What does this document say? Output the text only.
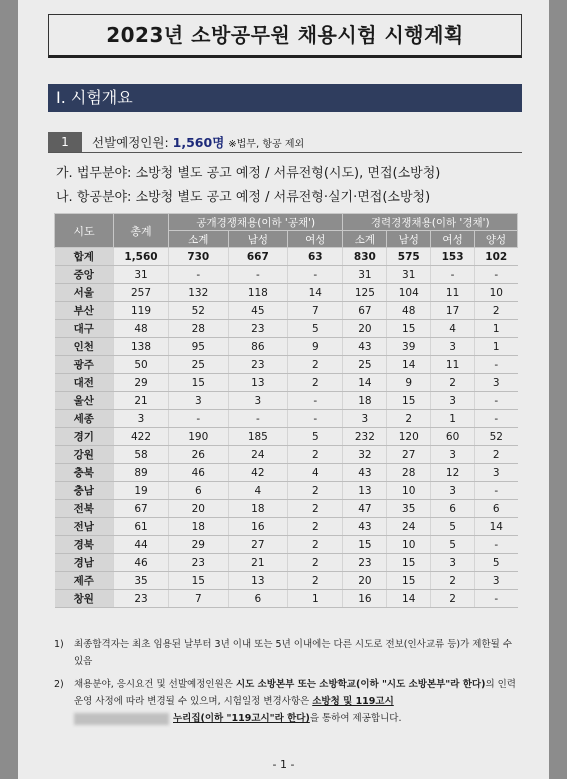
2023년 소방공무원 채용시험 시행계획
Ⅰ. 시험개요
1	선발예정인원: 1,560명 ※법무, 항공 제외
가. 법무분야: 소방청 별도 공고 예정 / 서류전형(시도), 면접(소방청)
나. 항공분야: 소방청 별도 공고 예정 / 서류전형·실기·면접(소방청)
시도	총계	공개경쟁채용(이하 '공채')			경력경쟁채용(이하 '경채')			
		소계	남성	여성	소계	남성	여성	양성
합계	1,560	730	667	63	830	575	153	102
중앙	31	-	-	-	31	31	-	-
서울	257	132	118	14	125	104	11	10
부산	119	52	45	7	67	48	17	2
대구	48	28	23	5	20	15	4	1
인천	138	95	86	9	43	39	3	1
광주	50	25	23	2	25	14	11	-
대전	29	15	13	2	14	9	2	3
울산	21	3	3	-	18	15	3	-
세종	3	-	-	-	3	2	1	-
경기	422	190	185	5	232	120	60	52
강원	58	26	24	2	32	27	3	2
충북	89	46	42	4	43	28	12	3
충남	19	6	4	2	13	10	3	-
전북	67	20	18	2	47	35	6	6
전남	61	18	16	2	43	24	5	14
경북	44	29	27	2	15	10	5	-
경남	46	23	21	2	23	15	3	5
제주	35	15	13	2	20	15	2	3
창원	23	7	6	1	16	14	2	-
1) 최종합격자는 최초 임용된 날부터 3년 이내 또는 5년 이내에는 다른 시도로 전보(인사교류 등)가 제한될 수 있음
2) 채용분야, 응시요건 및 선발예정인원은 시도 소방본부 또는 소방학교(이하 "시도 소방본부"라 한다)의 인력운영 사정에 따라 변경될 수 있으며, 시험일정 변경사항은 소방청 및 119고시
누리집(이하 "119고시"라 한다)을 통하여 제공합니다.
- 1 -
